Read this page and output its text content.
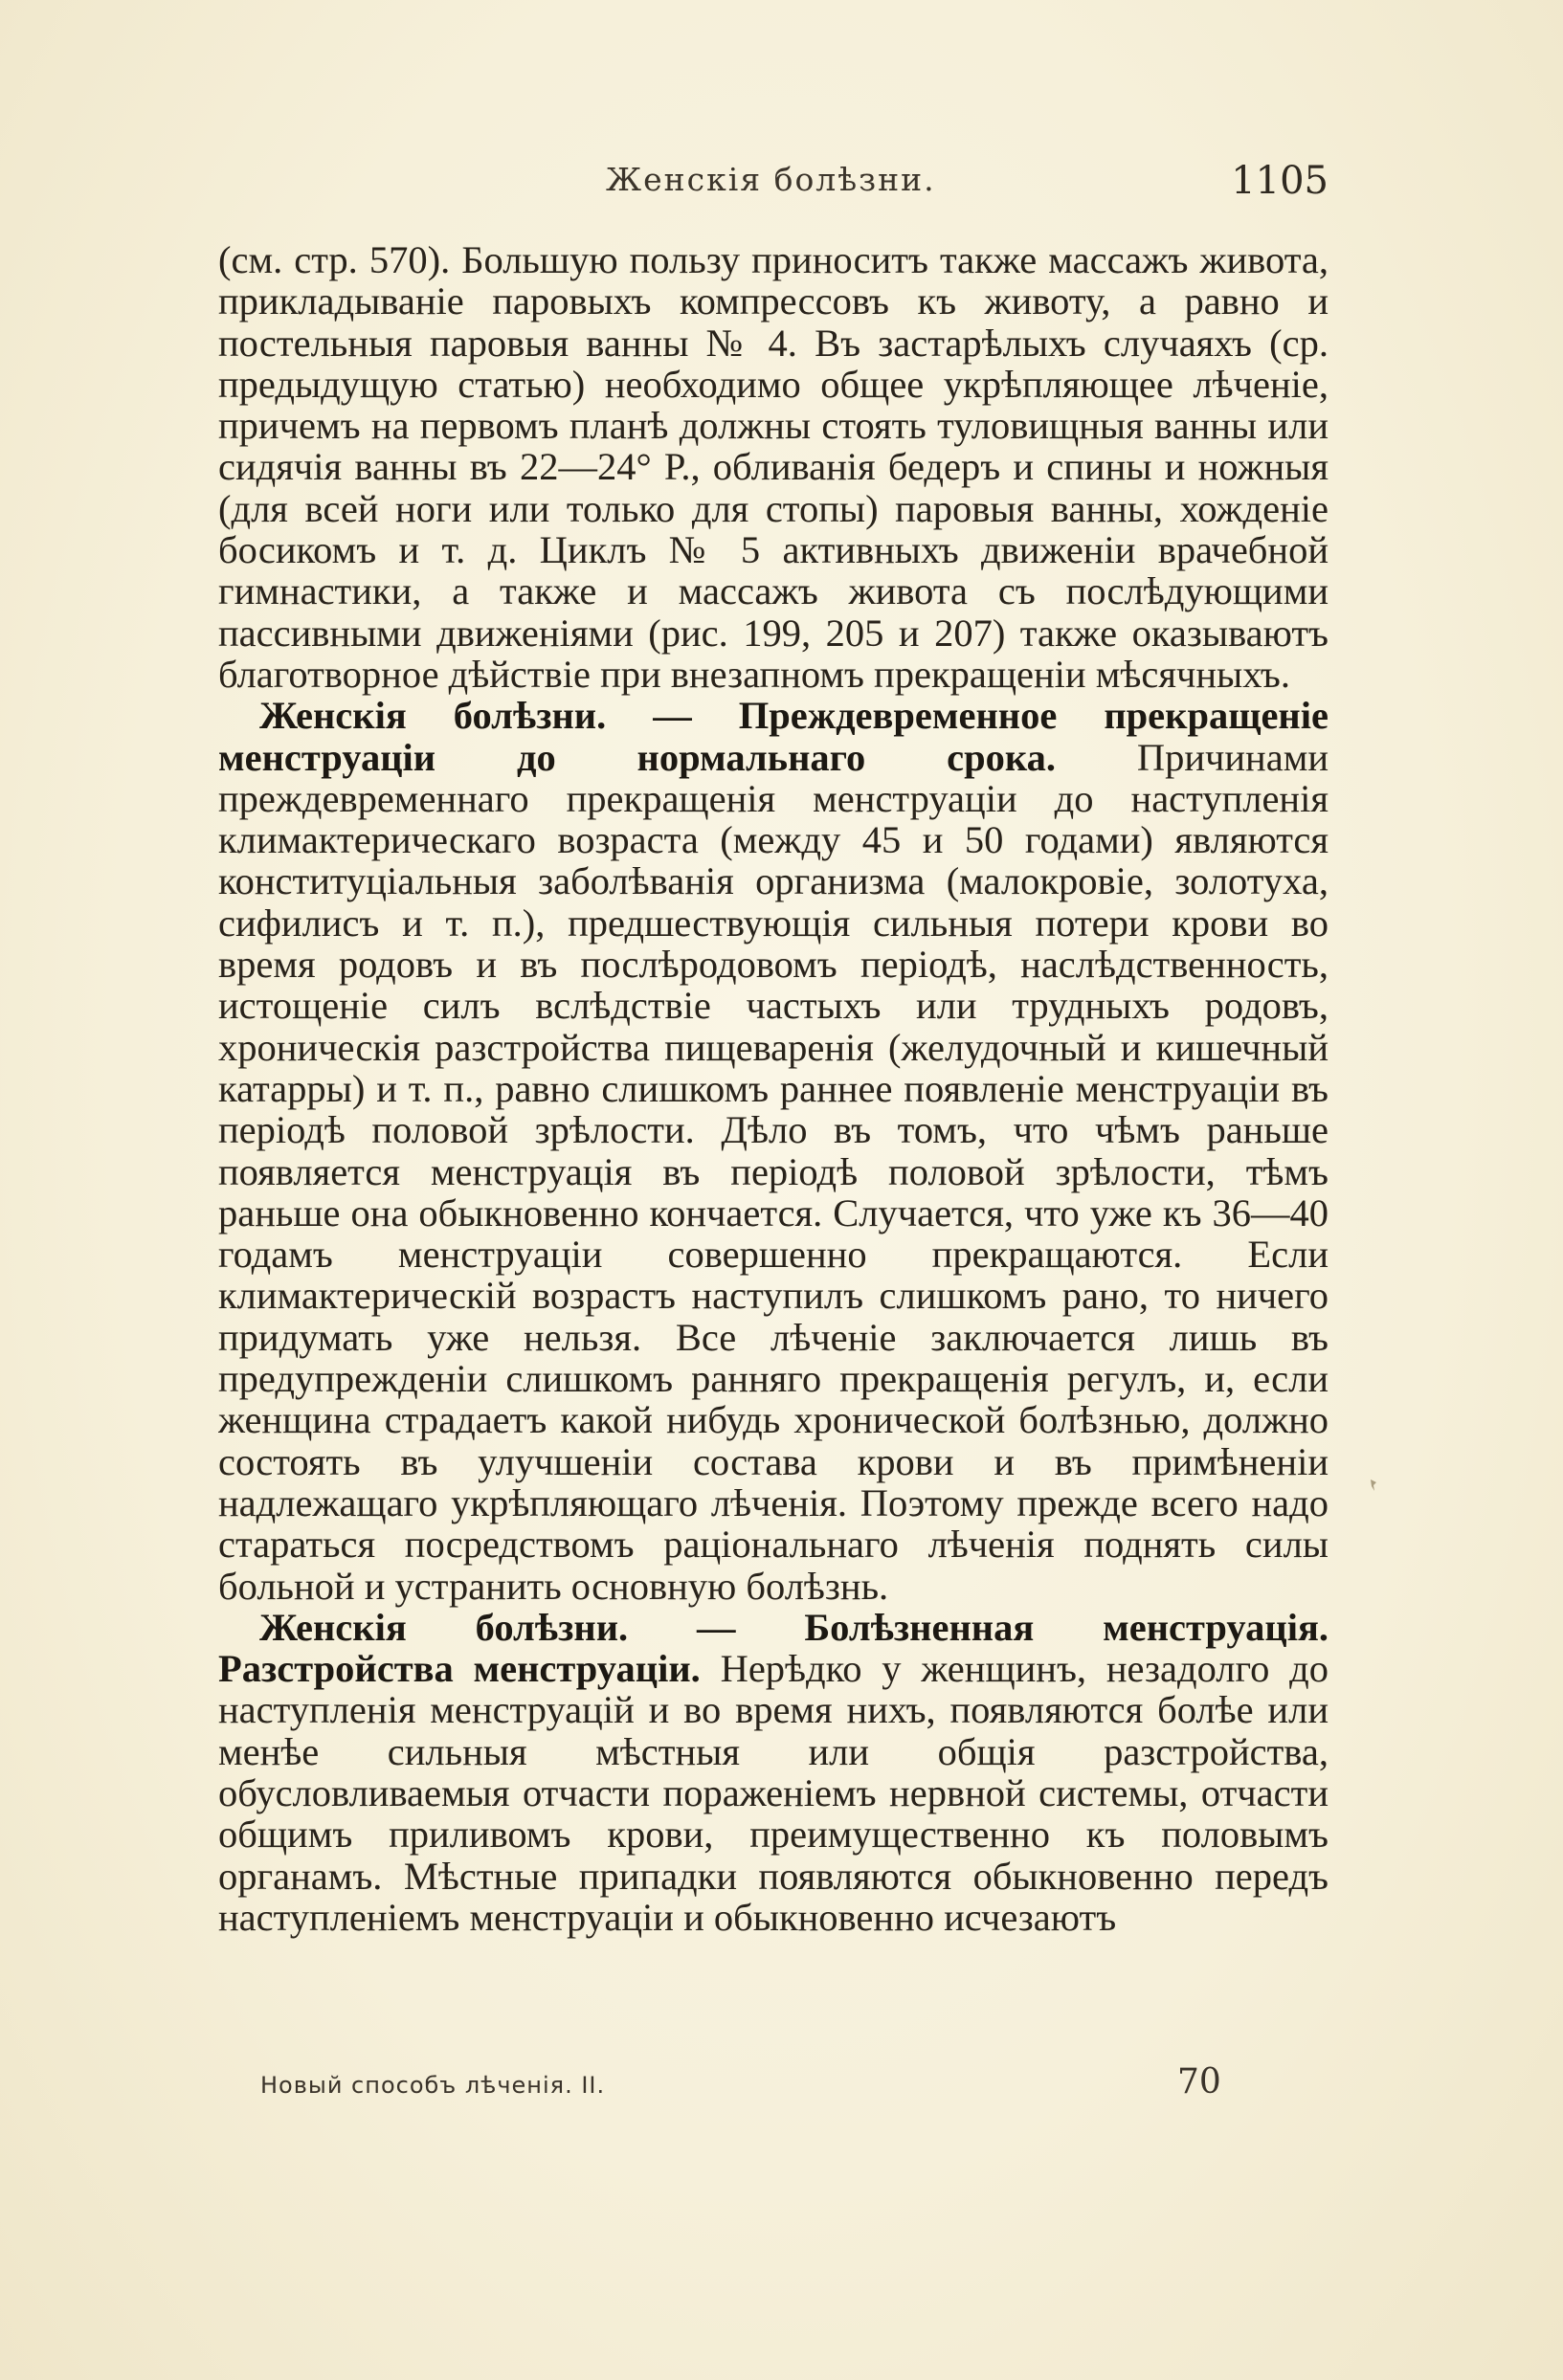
Женскія болѣзни.	1105

(см. стр. 570). Большую пользу приноситъ также массажъ живота, прикладываніе паровыхъ компрессовъ къ животу, а равно и постельныя паровыя ванны № 4. Въ застарѣлыхъ случаяхъ (ср. предыдущую статью) необходимо общее укрѣпляющее лѣченіе, причемъ на первомъ планѣ должны стоять туловищныя ванны или сидячія ванны въ 22—24° Р., обливанія бедеръ и спины и ножныя (для всей ноги или только для стопы) паровыя ванны, хожденіе босикомъ и т. д. Циклъ № 5 активныхъ движеніи врачебной гимнастики, а также и массажъ живота съ послѣдующими пассивными движеніями (рис. 199, 205 и 207) также оказываютъ благотворное дѣйствіе при внезапномъ прекращеніи мѣсячныхъ.

Женскія болѣзни. — Преждевременное прекращеніе менструаціи до нормальнаго срока. Причинами преждевременнаго прекращенія менструаціи до наступленія климактерическаго возраста (между 45 и 50 годами) являются конституціальныя заболѣванія организма (малокровіе, золотуха, сифилисъ и т. п.), предшествующія сильныя потери крови во время родовъ и въ послѣродовомъ періодѣ, наслѣдственность, истощеніе силъ вслѣдствіе частыхъ или трудныхъ родовъ, хроническія разстройства пищеваренія (желудочный и кишечный катарры) и т. п., равно слишкомъ раннее появленіе менструаціи въ періодѣ половой зрѣлости. Дѣло въ томъ, что чѣмъ раньше появляется менструація въ періодѣ половой зрѣлости, тѣмъ раньше она обыкновенно кончается. Случается, что уже къ 36—40 годамъ менструаціи совершенно прекращаются. Если климактерическій возрастъ наступилъ слишкомъ рано, то ничего придумать уже нельзя. Все лѣченіе заключается лишь въ предупрежденіи слишкомъ ранняго прекращенія регулъ, и, если женщина страдаетъ какой нибудь хронической болѣзнью, должно состоять въ улучшеніи состава крови и въ примѣненіи надлежащаго укрѣпляющаго лѣченія. Поэтому прежде всего надо стараться посредствомъ раціональнаго лѣченія поднять силы больной и устранить основную болѣзнь.

Женскія болѣзни. — Болѣзненная менструація. Разстройства менструаціи. Нерѣдко у женщинъ, незадолго до наступленія менструацій и во время нихъ, появляются болѣе или менѣе сильныя мѣстныя или общія разстройства, обусловливаемыя отчасти пораженіемъ нервной системы, отчасти общимъ приливомъ крови, преимущественно къ половымъ органамъ. Мѣстные припадки появляются обыкновенно передъ наступленіемъ менструаціи и обыкновенно исчезаютъ

Новый способъ лѣченія. II.	70
